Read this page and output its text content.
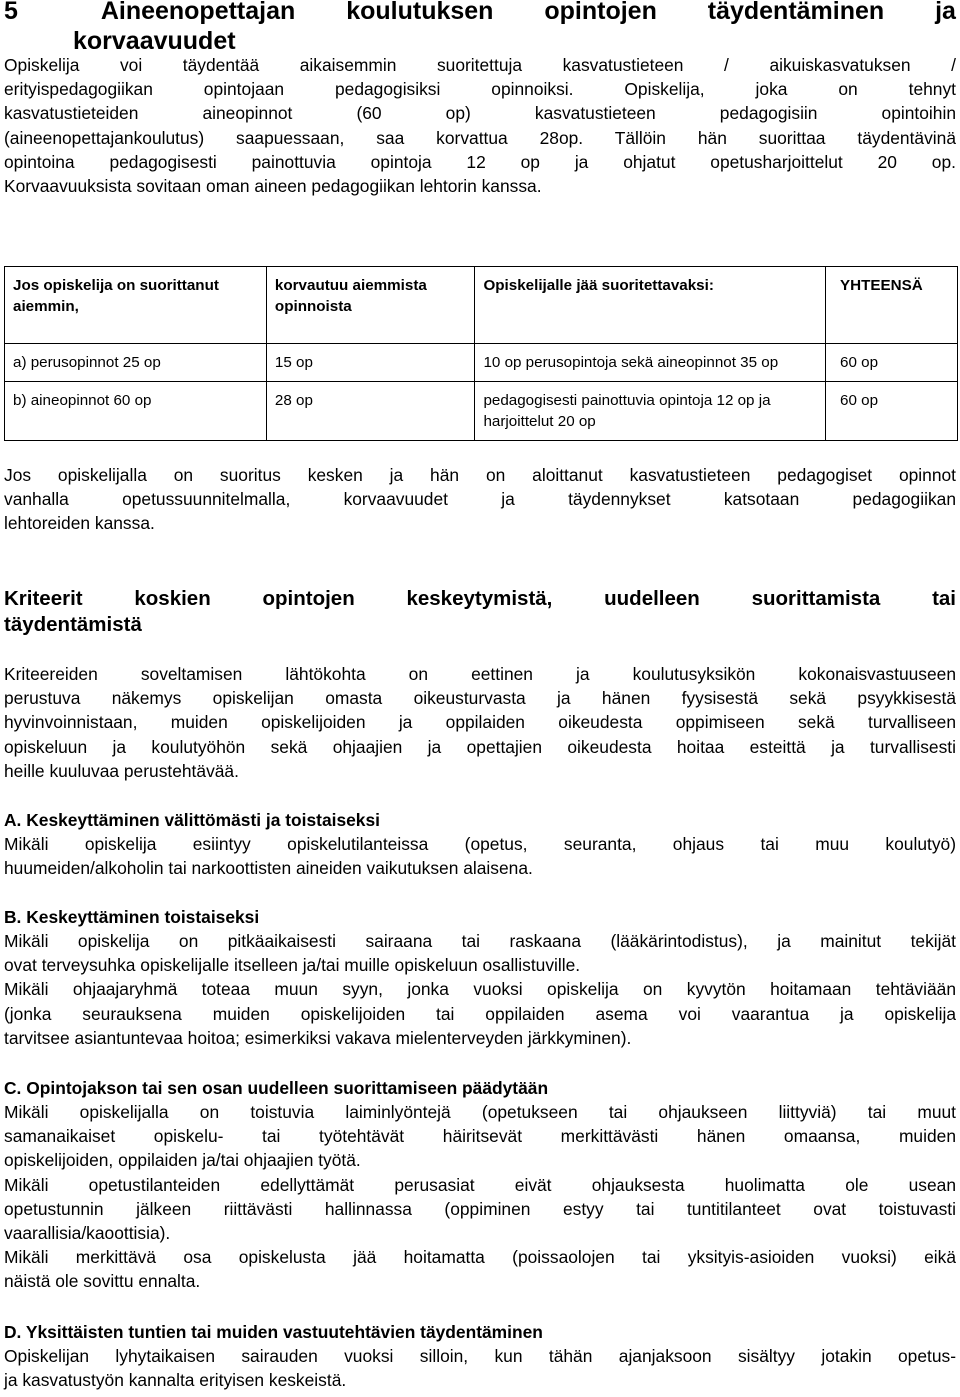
5	Aineenopettajan koulutuksen opintojen täydentäminen ja
korvaavuudet
Opiskelija voi täydentää aikaisemmin suoritettuja kasvatustieteen / aikuiskasvatuksen /
erityispedagogiikan opintojaan pedagogisiksi opinnoiksi. Opiskelija, joka on tehnyt
kasvatustieteiden aineopinnot (60 op) kasvatustieteen pedagogisiin opintoihin
(aineenopettajankoulutus) saapuessaan, saa korvattua 28op. Tällöin hän suorittaa täydentävinä
opintoina pedagogisesti painottuvia opintoja 12 op ja ohjatut opetusharjoittelut 20 op.
Korvaavuuksista sovitaan oman aineen pedagogiikan lehtorin kanssa.
Jos opiskelija on suorittanut aiemmin,	korvautuu aiemmista opinnoista	Opiskelijalle jää suoritettavaksi:	YHTEENSÄ
a) perusopinnot 25 op	15 op	10 op perusopintoja sekä aineopinnot 35 op	60 op
b) aineopinnot 60 op	28 op	pedagogisesti painottuvia opintoja 12 op ja harjoittelut 20 op	60 op
Jos opiskelijalla on suoritus kesken ja hän on aloittanut kasvatustieteen pedagogiset opinnot
vanhalla opetussuunnitelmalla, korvaavuudet ja täydennykset katsotaan pedagogiikan
lehtoreiden kanssa.
Kriteerit koskien opintojen keskeytymistä, uudelleen suorittamista tai
täydentämistä
Kriteereiden soveltamisen lähtökohta on eettinen ja koulutusyksikön kokonaisvastuuseen
perustuva näkemys opiskelijan omasta oikeusturvasta ja hänen fyysisestä sekä psyykkisestä
hyvinvoinnistaan, muiden opiskelijoiden ja oppilaiden oikeudesta oppimiseen sekä turvalliseen
opiskeluun ja koulutyöhön sekä ohjaajien ja opettajien oikeudesta hoitaa esteittä ja turvallisesti
heille kuuluvaa perustehtävää.
A. Keskeyttäminen välittömästi ja toistaiseksi
Mikäli opiskelija esiintyy opiskelutilanteissa (opetus, seuranta, ohjaus tai muu koulutyö)
huumeiden/alkoholin tai narkoottisten aineiden vaikutuksen alaisena.
B. Keskeyttäminen toistaiseksi
Mikäli opiskelija on pitkäaikaisesti sairaana tai raskaana (lääkärintodistus), ja mainitut tekijät
ovat terveysuhka opiskelijalle itselleen ja/tai muille opiskeluun osallistuville.
Mikäli ohjaajaryhmä toteaa muun syyn, jonka vuoksi opiskelija on kyvytön hoitamaan tehtäviään
(jonka seurauksena muiden opiskelijoiden tai oppilaiden asema voi vaarantua ja opiskelija
tarvitsee asiantuntevaa hoitoa; esimerkiksi vakava mielenterveyden järkkyminen).
C. Opintojakson tai sen osan uudelleen suorittamiseen päädytään
Mikäli opiskelijalla on toistuvia laiminlyöntejä (opetukseen tai ohjaukseen liittyviä) tai muut
samanaikaiset opiskelu- tai työtehtävät häiritsevät merkittävästi hänen omaansa, muiden
opiskelijoiden, oppilaiden ja/tai ohjaajien työtä.
Mikäli opetustilanteiden edellyttämät perusasiat eivät ohjauksesta huolimatta ole usean
opetustunnin jälkeen riittävästi hallinnassa (oppiminen estyy tai tuntitilanteet ovat toistuvasti
vaarallisia/kaoottisia).
Mikäli merkittävä osa opiskelusta jää hoitamatta (poissaolojen tai yksityis-asioiden vuoksi) eikä
näistä ole sovittu ennalta.
D. Yksittäisten tuntien tai muiden vastuutehtävien täydentäminen
Opiskelijan lyhytaikaisen sairauden vuoksi silloin, kun tähän ajanjaksoon sisältyy jotakin opetus-
ja kasvatustyön kannalta erityisen keskeistä.
